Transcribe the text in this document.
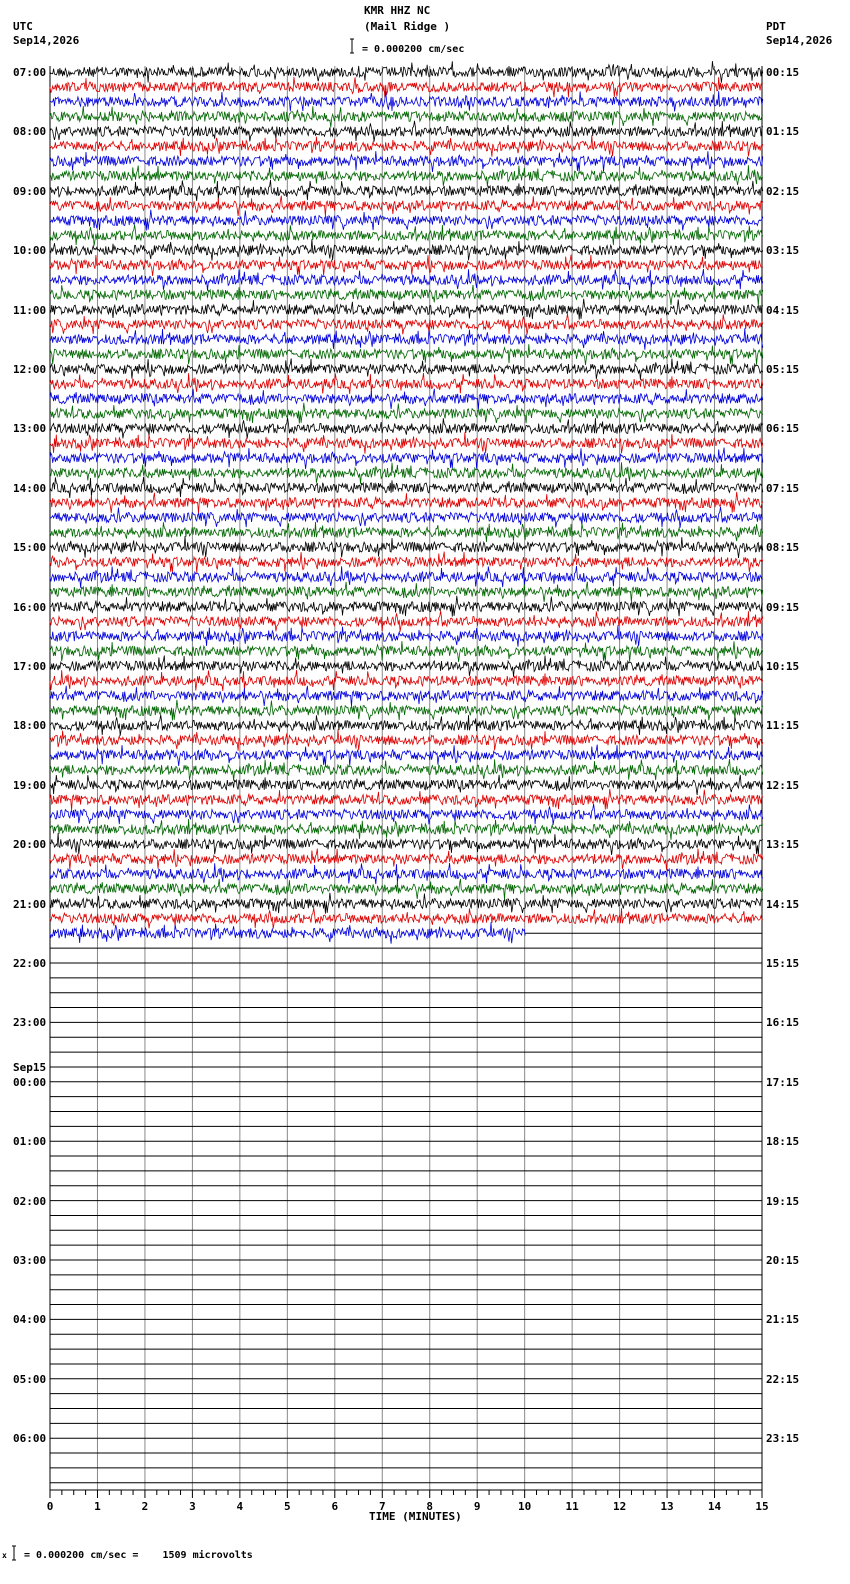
0	1	2	3	4	5	6	7	8	9	10	11	12	13	14	15
KMR HHZ NC
(Mail Ridge )
= 0.000200 cm/sec
UTC
Sep14,2026
PDT
Sep14,2026
TIME (MINUTES)
x = 0.000200 cm/sec =    1509 microvolts
07:00
08:00
09:00
10:00
11:00
12:00
13:00
14:00
15:00
16:00
17:00
18:00
19:00
20:00
21:00
22:00
23:00
00:00
Sep15
01:00
02:00
03:00
04:00
05:00
06:00
00:15
01:15
02:15
03:15
04:15
05:15
06:15
07:15
08:15
09:15
10:15
11:15
12:15
13:15
14:15
15:15
16:15
17:15
18:15
19:15
20:15
21:15
22:15
23:15
